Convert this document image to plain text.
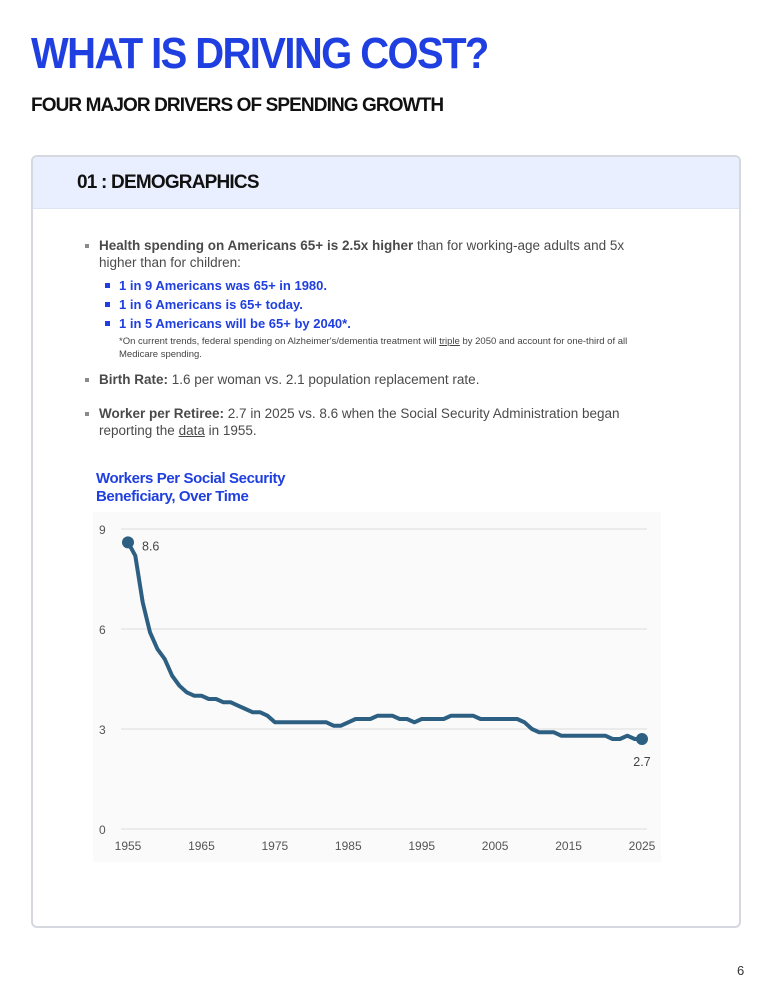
WHAT IS DRIVING COST?
FOUR MAJOR DRIVERS OF SPENDING GROWTH
01 : DEMOGRAPHICS
Health spending on Americans 65+ is 2.5x higher than for working-age adults and 5x higher than for children:
1 in 9 Americans was 65+ in 1980.
1 in 6 Americans is 65+ today.
1 in 5 Americans will be 65+ by 2040*.
*On current trends, federal spending on Alzheimer's/dementia treatment will triple by 2050 and account for one-third of all Medicare spending.
Birth Rate: 1.6 per woman vs. 2.1 population replacement rate.
Worker per Retiree: 2.7 in 2025 vs. 8.6 when the Social Security Administration began reporting the data in 1955.
Workers Per Social Security Beneficiary, Over Time
0
3
6
9
1955	1965	1975	1985	1995	2005	2015	2025
8.6
2.7
6
